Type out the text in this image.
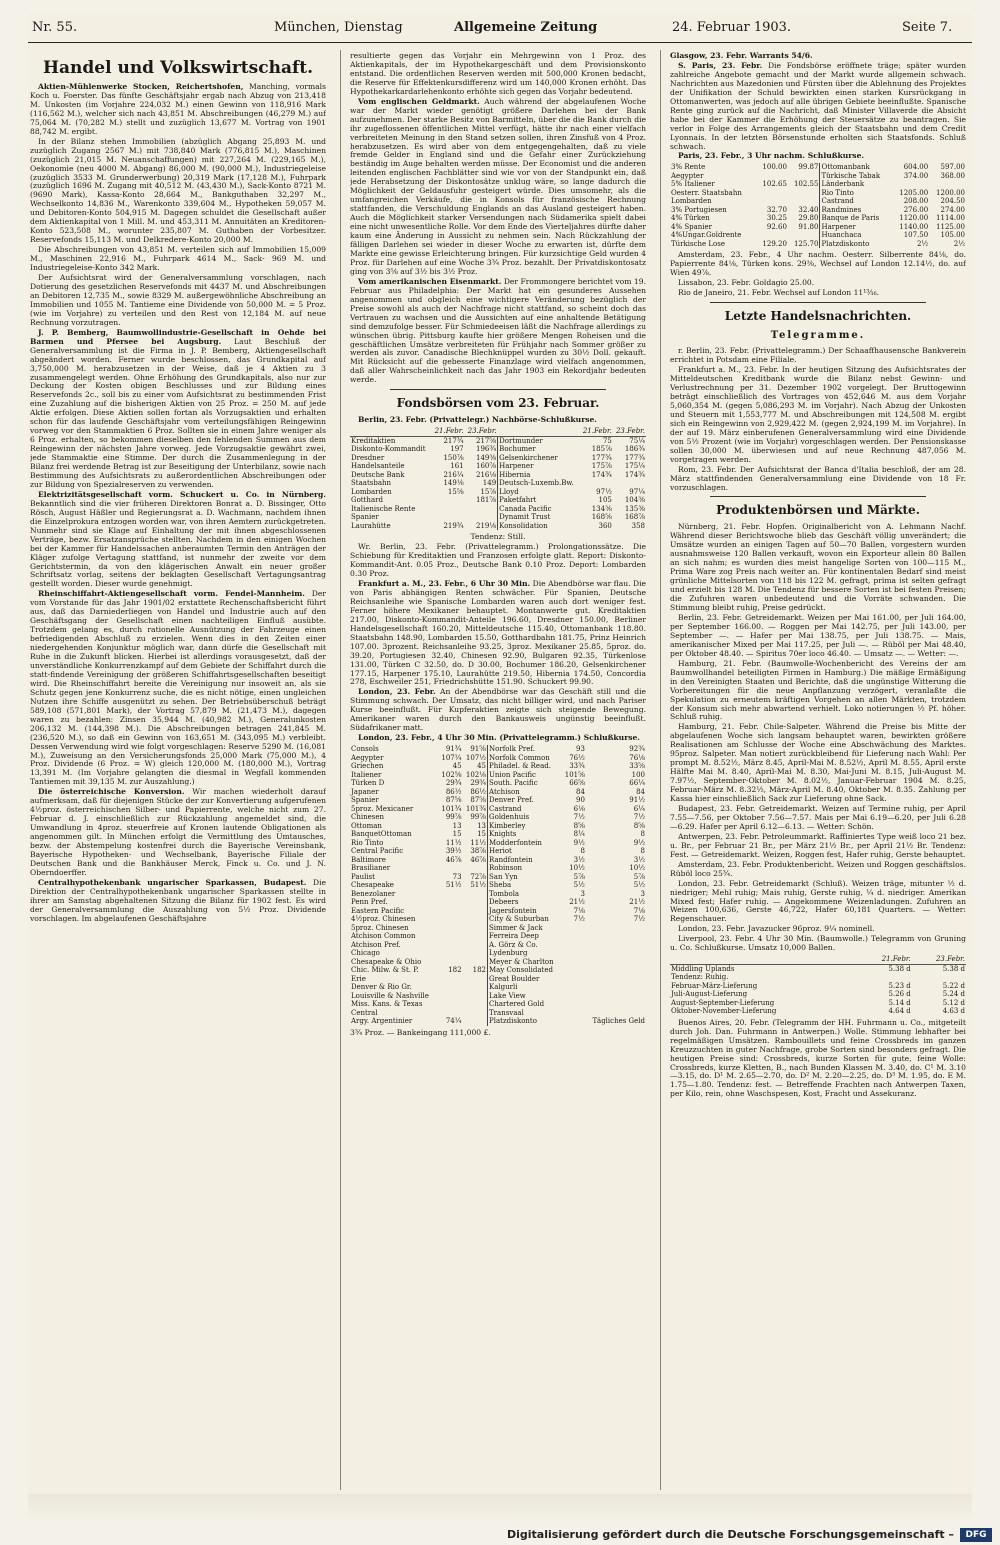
Nr. 55.	München, Dienstag	Allgemeine Zeitung	24. Februar 1903.	Seite 7.

Handel und Volkswirtschaft.

Aktien-Mühlenwerke Stocken, Reichertshofen, Manching, vormals Koch u. Foerster. Das fünfte Geschäftsjahr ergab nach Abzug von 213,418 M. Unkosten (im Vorjahre 224,032 M.) einen Gewinn von 118,916 Mark (116,562 M.), welcher sich nach 43,851 M. Abschreibungen (46,279 M.) auf 75,064 M. (70,282 M.) stellt und zuzüglich 13,677 M. Vortrag von 1901 88,742 M. ergibt.

In der Bilanz stehen Immobilien (abzüglich Abgang 25,893 M. und zuzüglich Zugang 2567 M.) mit 738,840 Mark (776,815 M.), Maschinen (zuzüglich 21,015 M. Neuanschaffungen) mit 227,264 M. (229,165 M.), Oekonomie (neu 4000 M. Abgang) 86,000 M. (90,000 M.), Industriegeleise (zuzüglich 3533 M. Grunderwerbung) 20,319 Mark (17,128 M.), Fuhrpark (zuzüglich 1696 M. Zugang mit 40,512 M. (43,430 M.), Sack-Konto 8721 M. (9690 Mark), Kassa-Konto 28,664 M., Bankguthaben 32,297 M., Wechselkonto 14,836 M., Warenkonto 339,604 M., Hypotheken 59,057 M. und Debitoren-Konto 504,915 M. Dagegen schuldet die Gesellschaft außer dem Aktienkapital von 1 Mill. M. und 453,311 M. Annuitäten an Kreditoren-Konto 523,508 M., worunter 235,807 M. Guthaben der Vorbesitzer. Reservefonds 15,113 M. und Delkredere-Konto 20,000 M.

Die Abschreibungen von 43,851 M. verteilen sich auf Immobilien 15,009 M., Maschinen 22,916 M., Fuhrpark 4614 M., Sack- 969 M. und Industriegeleise-Konto 342 Mark.

Der Aufsichtsrat wird der Generalversammlung vorschlagen, nach Dotierung des gesetzlichen Reservefonds mit 4437 M. und Abschreibungen an Debitoren 12,735 M., sowie 8329 M. außergewöhnliche Abschreibung an Immobilien und 1055 M. Tantieme eine Dividende von 50,000 M. = 5 Proz. (wie im Vorjahre) zu verteilen und den Rest von 12,184 M. auf neue Rechnung vorzutragen.

J. P. Bemberg, Baumwollindustrie-Gesellschaft in Oehde bei Barmen und Pfersee bei Augsburg. Laut Beschluß der Generalversammlung ist die Firma in J. P. Bemberg, Aktiengesellschaft abgeändert worden. Ferner wurde beschlossen, das Grundkapital auf 3,750,000 M. herabzusetzen in der Weise, daß je 4 Aktien zu 3 zusammengelegt werden. Ohne Erhöhung des Grundkapitals, also nur zur Deckung der Kosten obigen Beschlusses und zur Bildung eines Reservefonds 2c., soll bis zu einer vom Aufsichtsrat zu bestimmenden Frist eine Zuzahlung auf die bisherigen Aktien von 25 Proz. = 250 M. auf jede Aktie erfolgen. Diese Aktien sollen fortan als Vorzugsaktien und erhalten schon für das laufende Geschäftsjahr vom verteilungsfähigen Reingewinn vorweg vor den Stammaktien 6 Proz. Sollten sie in einem Jahre weniger als 6 Proz. erhalten, so bekommen dieselben den fehlenden Summen aus dem Reingewinn der nächsten Jahre vorweg. Jede Vorzugsaktie gewährt zwei, jede Stammaktie eine Stimme. Der durch die Zusammenlegung in der Bilanz frei werdende Betrag ist zur Beseitigung der Unterbilanz, sowie nach Bestimmung des Aufsichtsrats zu außerordentlichen Abschreibungen oder zur Bildung von Spezialreserven zu verwenden.

Elektrizitätsgesellschaft vorm. Schuckert u. Co. in Nürnberg. Bekanntlich sind die vier früheren Direktoren Bonrat a. D. Bissinger, Otto Rösch, August Häßler und Regierungsrat a. D. Wachmann, nachdem ihnen die Einzelprokura entzogen worden war, von ihren Aemtern zurückgetreten. Nunmehr sind sie Klage auf Einhaltung der mit ihnen abgeschlossenen Verträge, bezw. Ersatzansprüche stellten. Nachdem in den einigen Wochen bei der Kammer für Handelssachen anberaumten Termin den Anträgen der Kläger zufolge Vertagung stattfand, ist nunmehr der zweite vor dem Gerichtstermin, da von den klägerischen Anwalt ein neuer großer Schriftsatz vorlag, seitens der beklagten Gesellschaft Vertagungsantrag gestellt worden. Dieser wurde genehmigt.

Rheinschiffahrt-Aktiengesellschaft vorm. Fendel-Mannheim. Der vom Vorstande für das Jahr 1901/02 erstattete Rechenschaftsbericht führt aus, daß das Darniederliegen von Handel und Industrie auch auf den Geschäftsgang der Gesellschaft einen nachteiligen Einfluß ausübte. Trotzdem gelang es, durch rationelle Ausnützung der Fahrzeuge einen befriedigenden Abschluß zu erzielen. Wenn dies in den Zeiten einer niedergehenden Konjunktur möglich war, dann dürfe die Gesellschaft mit Ruhe in die Zukunft blicken. Hierbei ist allerdings vorausgesetzt, daß der unverständliche Konkurrenzkampf auf dem Gebiete der Schiffahrt durch die statt-findende Vereinigung der größeren Schiffahrtsgesellschaften beseitigt wird. Die Rheinschiffahrt bereite die Vereinigung nur insoweit an, als sie Schutz gegen jene Konkurrenz suche, die es nicht nötige, einen ungleichen Nutzen ihre Schiffe ausgenützt zu sehen. Der Betriebsüberschuß beträgt 589,108 (571,801 Mark), der Vortrag 57,879 M. (21,473 M.), dagegen waren zu bezahlen: Zinsen 35,944 M. (40,982 M.), Generalunkosten 206,132 M. (144,398 M.). Die Abschreibungen betragen 241,845 M. (236,520 M.), so daß ein Gewinn von 163,651 M. (343,095 M.) verbleibt. Dessen Verwendung wird wie folgt vorgeschlagen: Reserve 5290 M. (16,081 M.), Zuweisung an den Versicherungsfonds 25,000 Mark (75,000 M.), 4 Proz. Dividende (6 Proz. = W) gleich 120,000 M. (180,000 M.), Vortrag 13,391 M. (Im Vorjahre gelangten die diesmal in Wegfall kommenden Tantiemen mit 39,135 M. zur Auszahlung.)

Die österreichische Konversion. Wir machen wiederholt darauf aufmerksam, daß für diejenigen Stücke der zur Konvertierung aufgerufenen 4½proz. österreichischen Silber- und Papierrente, welche nicht zum 27. Februar d. J. einschließlich zur Rückzahlung angemeldet sind, die Umwandlung in 4proz. steuerfreie auf Kronen lautende Obligationen als angenommen gilt. In München erfolgt die Vermittlung des Umtausches, bezw. der Abstempelung kostenfrei durch die Bayerische Vereinsbank, Bayerische Hypotheken- und Wechselbank, Bayerische Filiale der Deutschen Bank und die Bankhäuser Merck, Finck u. Co. und J. N. Oberndoerffer.

Centralhypothekenbank ungarischer Sparkassen, Budapest. Die Direktion der Centralhypothekenbank ungarischer Sparkassen stellte in ihrer am Samstag abgehaltenen Sitzung die Bilanz für 1902 fest. Es wird der Generalversammlung die Auszahlung von 5½ Proz. Dividende vorschlagen. Im abgelaufenen Geschäftsjahre

resultierte gegen das Vorjahr ein Mehrgewinn von 1 Proz. des Aktienkapitals, der im Hypothekargeschäft und dem Provisionskonto entstand. Die ordentlichen Reserven werden mit 500,000 Kronen bedacht, die Reserve für Effektenkursdifferenz wird um 140,000 Kronen erhöht. Das Hypothekarkardarlehenkonto erhöhte sich gegen das Vorjahr bedeutend.

Vom englischen Geldmarkt. Auch während der abgelaufenen Woche war der Markt wieder genötigt größere Darlehen bei der Bank aufzunehmen. Der starke Besitz von Barmitteln, über die die Bank durch die ihr zugeflossenen öffentlichen Mittel verfügt, hätte ihr nach einer vielfach verbreiteten Meinung in den Stand setzen sollen, ihren Zinsfuß von 4 Proz. herabzusetzen. Es wird aber von dem entgegengehalten, daß zu viele fremde Gelder in England sind und die Gefahr einer Zurückziehung beständig im Auge behalten werden müsse. Der Economist und die anderen leitenden englischen Fachblätter sind wie vor von der Standpunkt ein, daß jede Herabsetzung der Diskontosätze unklug wäre, so lange dadurch die Möglichkeit der Geldausfuhr gesteigert würde. Dies umsomehr, als die umfangreichen Verkäufe, die in Konsols für französische Rechnung stattfanden, die Verschuldung Englands an das Ausland gesteigert haben. Auch die Möglichkeit starker Versendungen nach Südamerika spielt dabei eine nicht unwesentliche Rolle. Vor dem Ende des Vierteljahres dürfte daher kaum eine Änderung in Aussicht zu nehmen sein. Nach Rückzahlung der fälligen Darlehen sei wieder in dieser Woche zu erwarten ist, dürfte dem Markte eine gewisse Erleichterung bringen. Für kurzsichtige Geld wurden 4 Proz. für Darlehen auf eine Woche 3¾ Proz. bezahlt. Der Privatdiskontosatz ging von 3⅝ auf 3½ bis 3½ Proz.

Vom amerikanischen Eisenmarkt. Der Frommongere berichtet vom 19. Februar aus Philadelphia: Der Markt hat ein gesunderes Aussehen angenommen und obgleich eine wichtigere Veränderung bezüglich der Preise sowohl als auch der Nachfrage nicht stattfand, so scheint doch das Vertrauen zu wachsen und die Aussichten auf eine anhaltende Betätigung sind demzufolge besser. Für Schmiedeeisen läßt die Nachfrage allerdings zu wünschen übrig. Pittsburg kaufte hier größere Mengen Roheisen und die geschäftlichen Umsätze verbreiteten für Frühjahr nach Sommer größer zu werden als zuvor. Canadische Blechknüppel wurden zu 30½ Doll. gekauft. Mit Rücksicht auf die gebesserte Finanzlage wird vielfach angenommen, daß aller Wahrscheinlichkeit nach das Jahr 1903 ein Rekordjahr bedeuten werde.

Fondsbörsen vom 23. Februar.

Berlin, 23. Febr. (Privattelegr.) Nachbörse-Schlußkurse.

	21.Febr.	23.Febr.		21.Febr.	23.Febr.
Kreditaktien	217¾	217⅝	Dortmunder	75	75¼
Diskonto-Kommandit	197	196¾	Bochumer	185⅞	186¾
Dresdner	150⅞	149⅜	Gelsenkirchener	177¾	177¾
Handelsanteile	161	160⅞	Harpener	175⅞	175¼
Deutsche Bank	216¼	216⅛	Hibernia	174¾	174¾
Staatsbahn	149⅛	149	Deutsch-Luxemb.Bw.		
Lombarden	15⅝	15⅞	Lloyd	97½	97¼
Gotthard		181⅞	Paketfahrt	105	104⅜
Italienische Rente			Canada Pacific	134⅜	135⅜
Spanier			Dynamit Trust	168⅝	168⅞
Laurahütte	219¾	219⅛	Konsolidation	360	358

Tendenz: Still.

Wr. Berlin, 23. Febr. (Privattelegramm.) Prolongationssätze. Die Schiebung für Kreditaktien und Franzosen erfolgte glatt. Report: Diskonto-Kommandit-Ant. 0.05 Proz., Deutsche Bank 0.10 Proz. Deport: Lombarden 0.30 Proz.

Frankfurt a. M., 23. Febr., 6 Uhr 30 Min. Die Abendbörse war flau. Die von Paris abhängigen Renten schwächer. Für Spanien, Deutsche Reichsanleihe wie Spanische Lombarden waren auch dort weniger fest. Ferner höhere Mexikaner behauptet. Montanwerte gut. Kreditaktien 217.00, Diskonto-Kommandit-Anteile 196.60, Dresdner 150.00, Berliner Handelsgesellschaft 160.20, Mitteldeutsche 115.40, Ottomanbank 118.80. Staatsbahn 148.90, Lombarden 15.50, Gotthardbahn 181.75, Prinz Heinrich 107.00. 3prozent. Reichsanleihe 93.25, 3proz. Mexikaner 25.85, 5proz. do. 39.20, Portugiesen 32.40, Chinesen 92.90, Bulgaren 92.35, Türkenlose 131.00, Türken C 32.50, do. D 30.00, Bochumer 186.20, Gelsenkirchener 177.15, Harpener 175.10, Laurahütte 219.50, Hibernia 174.50, Concordia 278, Eschweiler 251, Friedrichshütte 151.90. Schuckert 99.90.

London, 23. Febr. An der Abendbörse war das Geschäft still und die Stimmung schwach. Der Umsatz, das nicht billiger wird, und nach Pariser Kurse beeinflußt. Für Kupferaktien zeigte sich steigende Bewegung. Amerikaner waren durch den Bankausweis ungünstig beeinflußt. Südafrikaner matt.

London, 23. Febr., 4 Uhr 30 Min. (Privattelegramm.) Schlußkurse.

Consols	91¾	91⅝	Norfolk Pref.	93	92¾
Aegypter	107¼	107½	Norfolk Common	76½	76⅛
Griechen	45	45	Philadel. & Read.	33¾	33⅝
Italiener	102⅝	102⅛	Union Pacific	101⅝	100
Türken D	29¾	29¾	South. Pacific	66⅝	66¼
Japaner	86½	86½	Atchison	84	84
Spanier	87⅝	87⅝	Denver Pref.	90	91½
5proz. Mexicaner	101¾	101¾	Castrand	6⅛	6¼
Chinesen	99⅞	99⅞	Goldenhuis	7½	7½
Ottoman	13	13	Kimberley	8⅝	8⅝
BanquetOttoman	15	15	Knights	8¼	8
Rio Tinto	11½	11½	Modderfontein	9½	9½
Central Pacific	39½	38⅞	Heriot	8	8
Baltimore	46⅞	46⅞	Randfontein	3½	3½
Brasilianer			Robinson	10½	10½
Paulist	73	72⅞	San Yyn	5⅞	5⅞
Chesapeake	51½	51½	Sheba	5½	5½
Benezolaner			Tombola	3	3
Penn Pref.			Debeers	21½	21½
Eastern Pacific			Jagersfontein	7⅛	7⅛
4½proz. Chinesen			City & Suburban	7½	7½
5proz. Chinesen			Simmer & Jack		
Atchison Common			Ferreira Deep		
Atchison Pref.			A. Görz & Co.		
Chicago			Lydenburg		
Chesapeake & Ohio			Meyer & Charlton		
Chic. Milw. & St. P.	182	182	May Consolidated		
Erie			Great Boulder		
Denver & Rio Gr.			Kalgurli		
Louisville & Nashville			Lake View		
Miss. Kans. & Texas			Chartered Gold		
Central			Transvaal		
Argy. Argentinier	74¼		Platzdiskonto		Tägliches Geld

3¾ Proz. — Bankeingang 111,000 £.

Glasgow, 23. Febr. Warrants 54/6.

S. Paris, 23. Febr. Die Fondsbörse eröffnete träge; später wurden zahlreiche Angebote gemacht und der Markt wurde allgemein schwach. Nachrichten aus Mazedonien und Fürsten über die Ablehnung des Projektes der Unifikation der Schuld bewirkten einen starken Kursrückgang in Ottomanwerten, was jedoch auf alle übrigen Gebiete beeinflußte. Spanische Rente ging zurück auf die Nachricht, daß Minister Villaverde die Absicht habe bei der Kammer die Erhöhung der Steuersätze zu beantragen. Sie verlor in Folge des Arrangements gleich der Staatsbahn und dem Credit Lyonnais. In der letzten Börsenstunde erholten sich Staatsfonds. Schluß schwach.

Paris, 23. Febr., 3 Uhr nachm. Schlußkurse.

3% Rente	100.00	99.87	Ottomanbank	604.00	597.00
Aegypter			Türkische Tabak	374.00	368.00
5% Italiener	102.65	102.55	Länderbank		
Oesterr. Staatsbahn			Rio Tinto	1205.00	1200.00
Lombarden			Castrand	208.00	204.50
3% Portugiesen	32.70	32.40	Randmines	276.00	274.00
4% Türken	30.25	29.80	Banque de Paris	1120.00	1114.00
4% Spanier	92.60	91.80	Harpener	1140.00	1125.00
4%Ungar.Goldrente			Huanchaca	107.50	105.00
Türkische Lose	129.20	125.70	Platzdiskonto	2½	2½

Amsterdam, 23. Febr., 4 Uhr nachm. Oesterr. Silberrente 84⅛, do. Papierrente 84⅛, Türken kons. 29⅜, Wechsel auf London 12.14½, do. auf Wien 49⅞.

Lissabon, 23. Febr. Goldagio 25.00.

Rio de Janeiro, 21. Febr. Wechsel auf London 11¹³⁄₁₆.

Letzte Handelsnachrichten.

Telegramme.

r. Berlin, 23. Febr. (Privattelegramm.) Der Schaaffhausensche Bankverein errichtet in Potsdam eine Filiale.

Frankfurt a. M., 23. Febr. In der heutigen Sitzung des Aufsichtsrates der Mitteldeutschen Kreditbank wurde die Bilanz nebst Gewinn- und Verlustrechnung per 31. Dezember 1902 vorgelegt. Der Bruttogewinn beträgt einschließlich des Vortrages von 452,646 M. aus dem Vorjahr 5,060,354 M. (gegen 5,086,293 M. im Vorjahr). Nach Abzug der Unkosten und Steuern mit 1,553,777 M. und Abschreibungen mit 124,508 M. ergibt sich ein Reingewinn von 2,929,422 M. (gegen 2,924,199 M. im Vorjahre). In der auf 19. März einberufenen Generalversammlung wird eine Dividende von 5½ Prozent (wie im Vorjahr) vorgeschlagen werden. Der Pensionskasse sollen 30,000 M. überwiesen und auf neue Rechnung 487,056 M. vorgetragen werden.

Rom, 23. Febr. Der Aufsichtsrat der Banca d'Italia beschloß, der am 28. März stattfindenden Generalversammlung eine Dividende von 18 Fr. vorzuschlagen.

Produktenbörsen und Märkte.

Nürnberg, 21. Febr. Hopfen. Originalbericht von A. Lehmann Nachf. Während dieser Berichtswoche blieb das Geschäft völlig unverändert; die Umsätze wurden an einigen Tagen auf 50—70 Ballen, vorgestern wurden ausnahmsweise 120 Ballen verkauft, wovon ein Exporteur allein 80 Ballen an sich nahm; es wurden dies meist hangelige Sorten von 100—115 M., Prima Ware zog Preis nach weiter an. Für kontinentalen Bedarf sind meist grünliche Mittelsorten von 118 bis 122 M. gefragt, prima ist selten gefragt und erzielt bis 128 M. Die Tendenz für bessere Sorten ist bei festen Preisen; die Zufuhren waren unbedeutend und die Vorräte schwanden. Die Stimmung bleibt ruhig, Preise gedrückt.

Berlin, 23. Febr. Getreidemarkt. Weizen per Mai 161.00, per Juli 164.00, per September 166.00. — Roggen per Mai 142.75, per Juli 143.00, per September —. — Hafer per Mai 138.75, per Juli 138.75. — Mais, amerikanischer Mixed per Mai 117.25, per Juli —. — Rüböl per Mai 48.40, per Oktober 48.40. — Spiritus 70er loco 46.40. — Umsatz —. — Wetter: —.

Hamburg, 21. Febr. (Baumwolle-Wochenbericht des Vereins der am Baumwollhandel beteiligten Firmen in Hamburg.) Die mäßige Ermäßigung in den Vereinigten Staaten und Berichte, daß die ungünstige Witterung die Vorbereitungen für die neue Anpflanzung verzögert, veranlaßte die Spekulation zu erneutem kräftigen Vorgehen an allen Märkten, trotzdem der Konsum sich mehr abwartend verhielt. Loko notierungen ½ Pf. höher. Schluß ruhig.

Hamburg, 21. Febr. Chile-Salpeter. Während die Preise bis Mitte der abgelaufenen Woche sich langsam behauptet waren, bewirkten größere Realisationen am Schlusse der Woche eine Abschwächung des Marktes. 95proz. Salpeter. Man notiert zurückbleibend für Lieferung nach Wahl: Per prompt M. 8.52½, März 8.45, April-Mai M. 8.52½, April M. 8.55, April erste Hälfte Mai M. 8.40, April-Mai M. 8.30, Mai-Juni M. 8.15, Juli-August M. 7.97½, September-Oktober M. 8.02½, Januar-Februar 1904 M. 8.25, Februar-März M. 8.32½, März-April M. 8.40, Oktober M. 8.35. Zahlung per Kassa hier einschließlich Sack zur Lieferung ohne Sack.

Budapest, 23. Febr. Getreidemarkt. Weizen auf Termine ruhig, per April 7.55—7.56, per Oktober 7.56—7.57. Mais per Mai 6.19—6.20, per Juli 6.28—6.29. Hafer per April 6.12—6.13. — Wetter: Schön.

Antwerpen, 23. Febr. Petroleummarkt. Raffiniertes Type weiß loco 21 bez. u. Br., per Februar 21 Br., per März 21½ Br., per April 21½ Br. Tendenz: Fest. — Getreidemarkt. Weizen, Roggen fest, Hafer ruhig, Gerste behauptet.

Amsterdam, 23. Febr. Produktenbericht. Weizen und Roggen geschäftslos. Rüböl loco 25¾.

London, 23. Febr. Getreidemarkt (Schluß). Weizen träge, mitunter ½ d. niedriger; Mehl ruhig; Mais ruhig, Gerste ruhig, ¼ d. niedriger. Amerikan Mixed fest; Hafer ruhig. — Angekommene Weizenladungen. Zufuhren an Weizen 100,636, Gerste 46,722, Hafer 60,181 Quarters. — Wetter: Regenschauer.

London, 23. Febr. Javazucker 96proz. 9¼ nominell.

Liverpool, 23. Febr. 4 Uhr 30 Min. (Baumwolle.) Telegramm von Gruning u. Co. Schlußkurse. Umsatz 10,000 Ballen.

	21.Febr.	23.Febr.
Middling Uplands	5.38 d	5.38 d
Tendenz: Ruhig.		
Februar-März-Lieferung	5.23 d	5.22 d
Juli-August-Lieferung	5.26 d	5.24 d
August-September-Lieferung	5.14 d	5.12 d
Oktober-November-Lieferung	4.64 d	4.63 d

Buenos Aires, 20. Febr. (Telegramm der HH. Fuhrmann u. Co., mitgeteilt durch Joh. Dan. Fuhrmann in Antwerpen.) Wolle. Stimmung lebhafter bei regelmäßigen Umsätzen. Rambouillets und feine Crossbreds im ganzen Kreuzzuchten in guter Nachfrage, grobe Sorten sind besonders gefragt. Die heutigen Preise sind: Crossbreds, kurze Sorten für gute, feine Wolle: Crossbreds, kurze Kletten, B., nach Bunden Klassen M. 3.40, do. C¹ M. 3.10—3.15, do. D¹ M. 2.65—2.70, do. D² M. 2.20—2.25, do. D³ M. 1.95, do. E M. 1.75—1.80. Tendenz: fest. — Betreffende Frachten nach Antwerpen Taxen, per Kilo, rein, ohne Waschspesen, Kost, Fracht und Assekuranz.

Digitalisierung gefördert durch die Deutsche Forschungsgemeinschaft –	DFG
